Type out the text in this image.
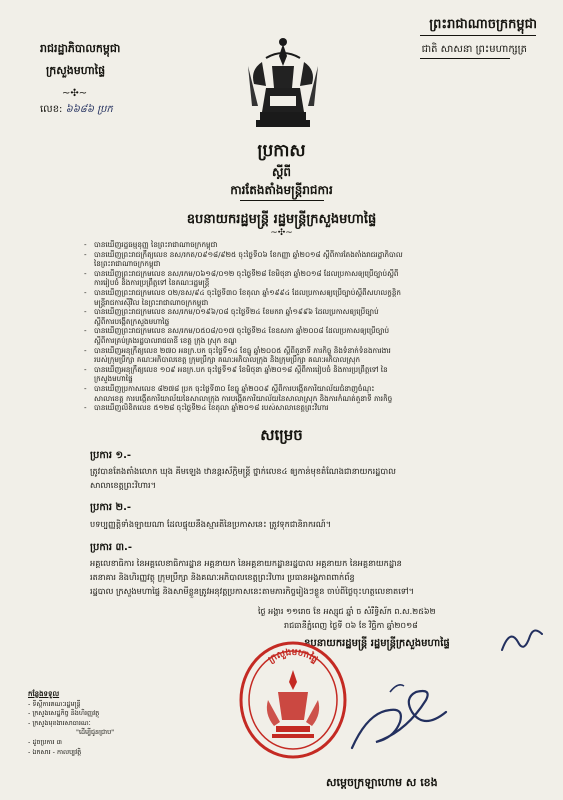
ព្រះរាជាណាចក្រកម្ពុជា
ជាតិ សាសនា ព្រះមហាក្សត្រ
រាជរដ្ឋាភិបាលកម្ពុជា
ក្រសួងមហាផ្ទៃ
~✣~
លេខ: ៦៦៨៦ ប្រក
ប្រកាស
ស្តីពី
ការតែងតាំងមន្ត្រីរាជការ
ឧបនាយករដ្ឋមន្ត្រី រដ្ឋមន្ត្រីក្រសួងមហាផ្ទៃ
~✣~
- បានឃើញរដ្ឋធម្មនុញ្ញ នៃព្រះរាជាណាចក្រកម្ពុជា
- បានឃើញព្រះរាជក្រឹត្យលេខ នស/រកត/០៩១៨/៩២៥ ចុះថ្ងៃទី០៦ ខែកញ្ញា ឆ្នាំ២០១៨ ស្តីពីការតែងតាំងរាជរដ្ឋាភិបាល
នៃព្រះរាជាណាចក្រកម្ពុជា
- បានឃើញព្រះរាជក្រមលេខ នស/រកម/០៦១៨/០១២ ចុះថ្ងៃទី២៨ ខែមិថុនា ឆ្នាំ២០១៨ ដែលប្រកាសឲ្យប្រើច្បាប់ស្តីពី
ការរៀបចំ និងការប្រព្រឹត្តទៅ នៃគណៈរដ្ឋមន្ត្រី
- បានឃើញព្រះរាជក្រមលេខ ០២/នស/៩៤ ចុះថ្ងៃទី៣០ ខែតុលា ឆ្នាំ១៩៩៤ ដែលប្រកាសឲ្យប្រើច្បាប់ស្តីពីសហលក្ខន្តិក
មន្ត្រីរាជការស៊ីវិល នៃព្រះរាជាណាចក្រកម្ពុជា
- បានឃើញព្រះរាជក្រមលេខ នស/រកម/០១៩៦/០៨ ចុះថ្ងៃទី២៤ ខែមករា ឆ្នាំ១៩៩៦ ដែលប្រកាសឲ្យប្រើច្បាប់
ស្តីពីការបង្កើតក្រសួងមហាផ្ទៃ
- បានឃើញព្រះរាជក្រមលេខ នស/រកម/០៥០៨/០១៧ ចុះថ្ងៃទី២៤ ខែឧសភា ឆ្នាំ២០០៨ ដែលប្រកាសឲ្យប្រើច្បាប់
ស្តីពីការគ្រប់គ្រងរដ្ឋបាលរាជធានី ខេត្ត ក្រុង ស្រុក ខណ្ឌ
- បានឃើញអនុក្រឹត្យលេខ ២៧០ អនក្រ.បក ចុះថ្ងៃទី១៤ ខែធ្នូ ឆ្នាំ២០០៥ ស្តីពីតួនាទី ភារកិច្ច និងទំនាក់ទំនងការងារ
របស់ក្រុមប្រឹក្សា គណៈអភិបាលខេត្ត ក្រុមប្រឹក្សា គណៈអភិបាលក្រុង និងក្រុមប្រឹក្សា គណៈអភិបាលស្រុក
- បានឃើញអនុក្រឹត្យលេខ ១០៩ អនក្រ.បក ចុះថ្ងៃទី១៩ ខែមិថុនា ឆ្នាំ២០១៨ ស្តីពីការរៀបចំ និងការប្រព្រឹត្តទៅ នៃ
ក្រសួងមហាផ្ទៃ
- បានឃើញប្រកាសលេខ ៨២៧៨ ប្រក ចុះថ្ងៃទី៣០ ខែធ្នូ ឆ្នាំ២០០៩ ស្តីពីការបង្កើតការិយាល័យជំនាញចំណុះ
សាលាខេត្ត ការបង្កើតការិយាល័យនៃសាលាក្រុង ការបង្កើតការិយាល័យនៃសាលាស្រុក និងការកំណត់តួនាទី ភារកិច្ច
- បានឃើញលិខិតលេខ ៥១២៨ ចុះថ្ងៃទី២៤ ខែតុលា ឆ្នាំ២០១៨ របស់សាលាខេត្តព្រះវិហារ
សម្រេច
ប្រការ ១.-
ត្រូវបានតែងតាំងលោក ឃុង គីមឡេង ឋានន្តរស័ក្តិមន្ត្រី ថ្នាក់លេខ៤ ឲ្យកាន់មុខតំណែងជានាយករដ្ឋបាល
សាលាខេត្តព្រះវិហារ។
ប្រការ ២.-
បទប្បញ្ញត្តិទាំងឡាយណា ដែលផ្ទុយនឹងស្មារតីនៃប្រកាសនេះ ត្រូវទុកជានិរាករណ៍។
ប្រការ ៣.-
អគ្គលេខាធិការ នៃអគ្គលេខាធិការដ្ឋាន អគ្គនាយក នៃអគ្គនាយកដ្ឋានរដ្ឋបាល អគ្គនាយក នៃអគ្គនាយកដ្ឋាន
រតនាគារ និងហិរញ្ញវត្ថុ ក្រុមប្រឹក្សា និងគណៈអភិបាលខេត្តព្រះវិហារ ប្រធានអង្គភាពពាក់ព័ន្ធ
រដ្ឋបាល ក្រសួងមហាផ្ទៃ និងសាមីខ្លួនត្រូវអនុវត្តប្រកាសនេះតាមភារកិច្ចរៀងៗខ្លួន ចាប់ពីថ្ងៃចុះហត្ថលេខាតទៅ។
ថ្ងៃ អង្គារ ១១រោច ខែ អស្សុជ ឆ្នាំ ច សំរឹទ្ធិស័ក ព.ស.២៥៦២
រាជធានីភ្នំពេញ ថ្ងៃទី ០៦ ខែ វិច្ឆិកា ឆ្នាំ២០១៨
ឧបនាយករដ្ឋមន្ត្រី រដ្ឋមន្ត្រីក្រសួងមហាផ្ទៃ
កន្លែងទទួល
- ទីស្តីការគណៈរដ្ឋមន្ត្រី
- ក្រសួងសេដ្ឋកិច្ច និងហិរញ្ញវត្ថុ
- ក្រសួងមុខងារសាធារណៈ
"ដើម្បីជូនជ្រាប"
- ដូចប្រការ ៣
- ឯកសារ - កាលប្បវត្តិ
ក្រសួងមហាផ្ទៃ
សម្តេចក្រឡាហោម ស ខេង
